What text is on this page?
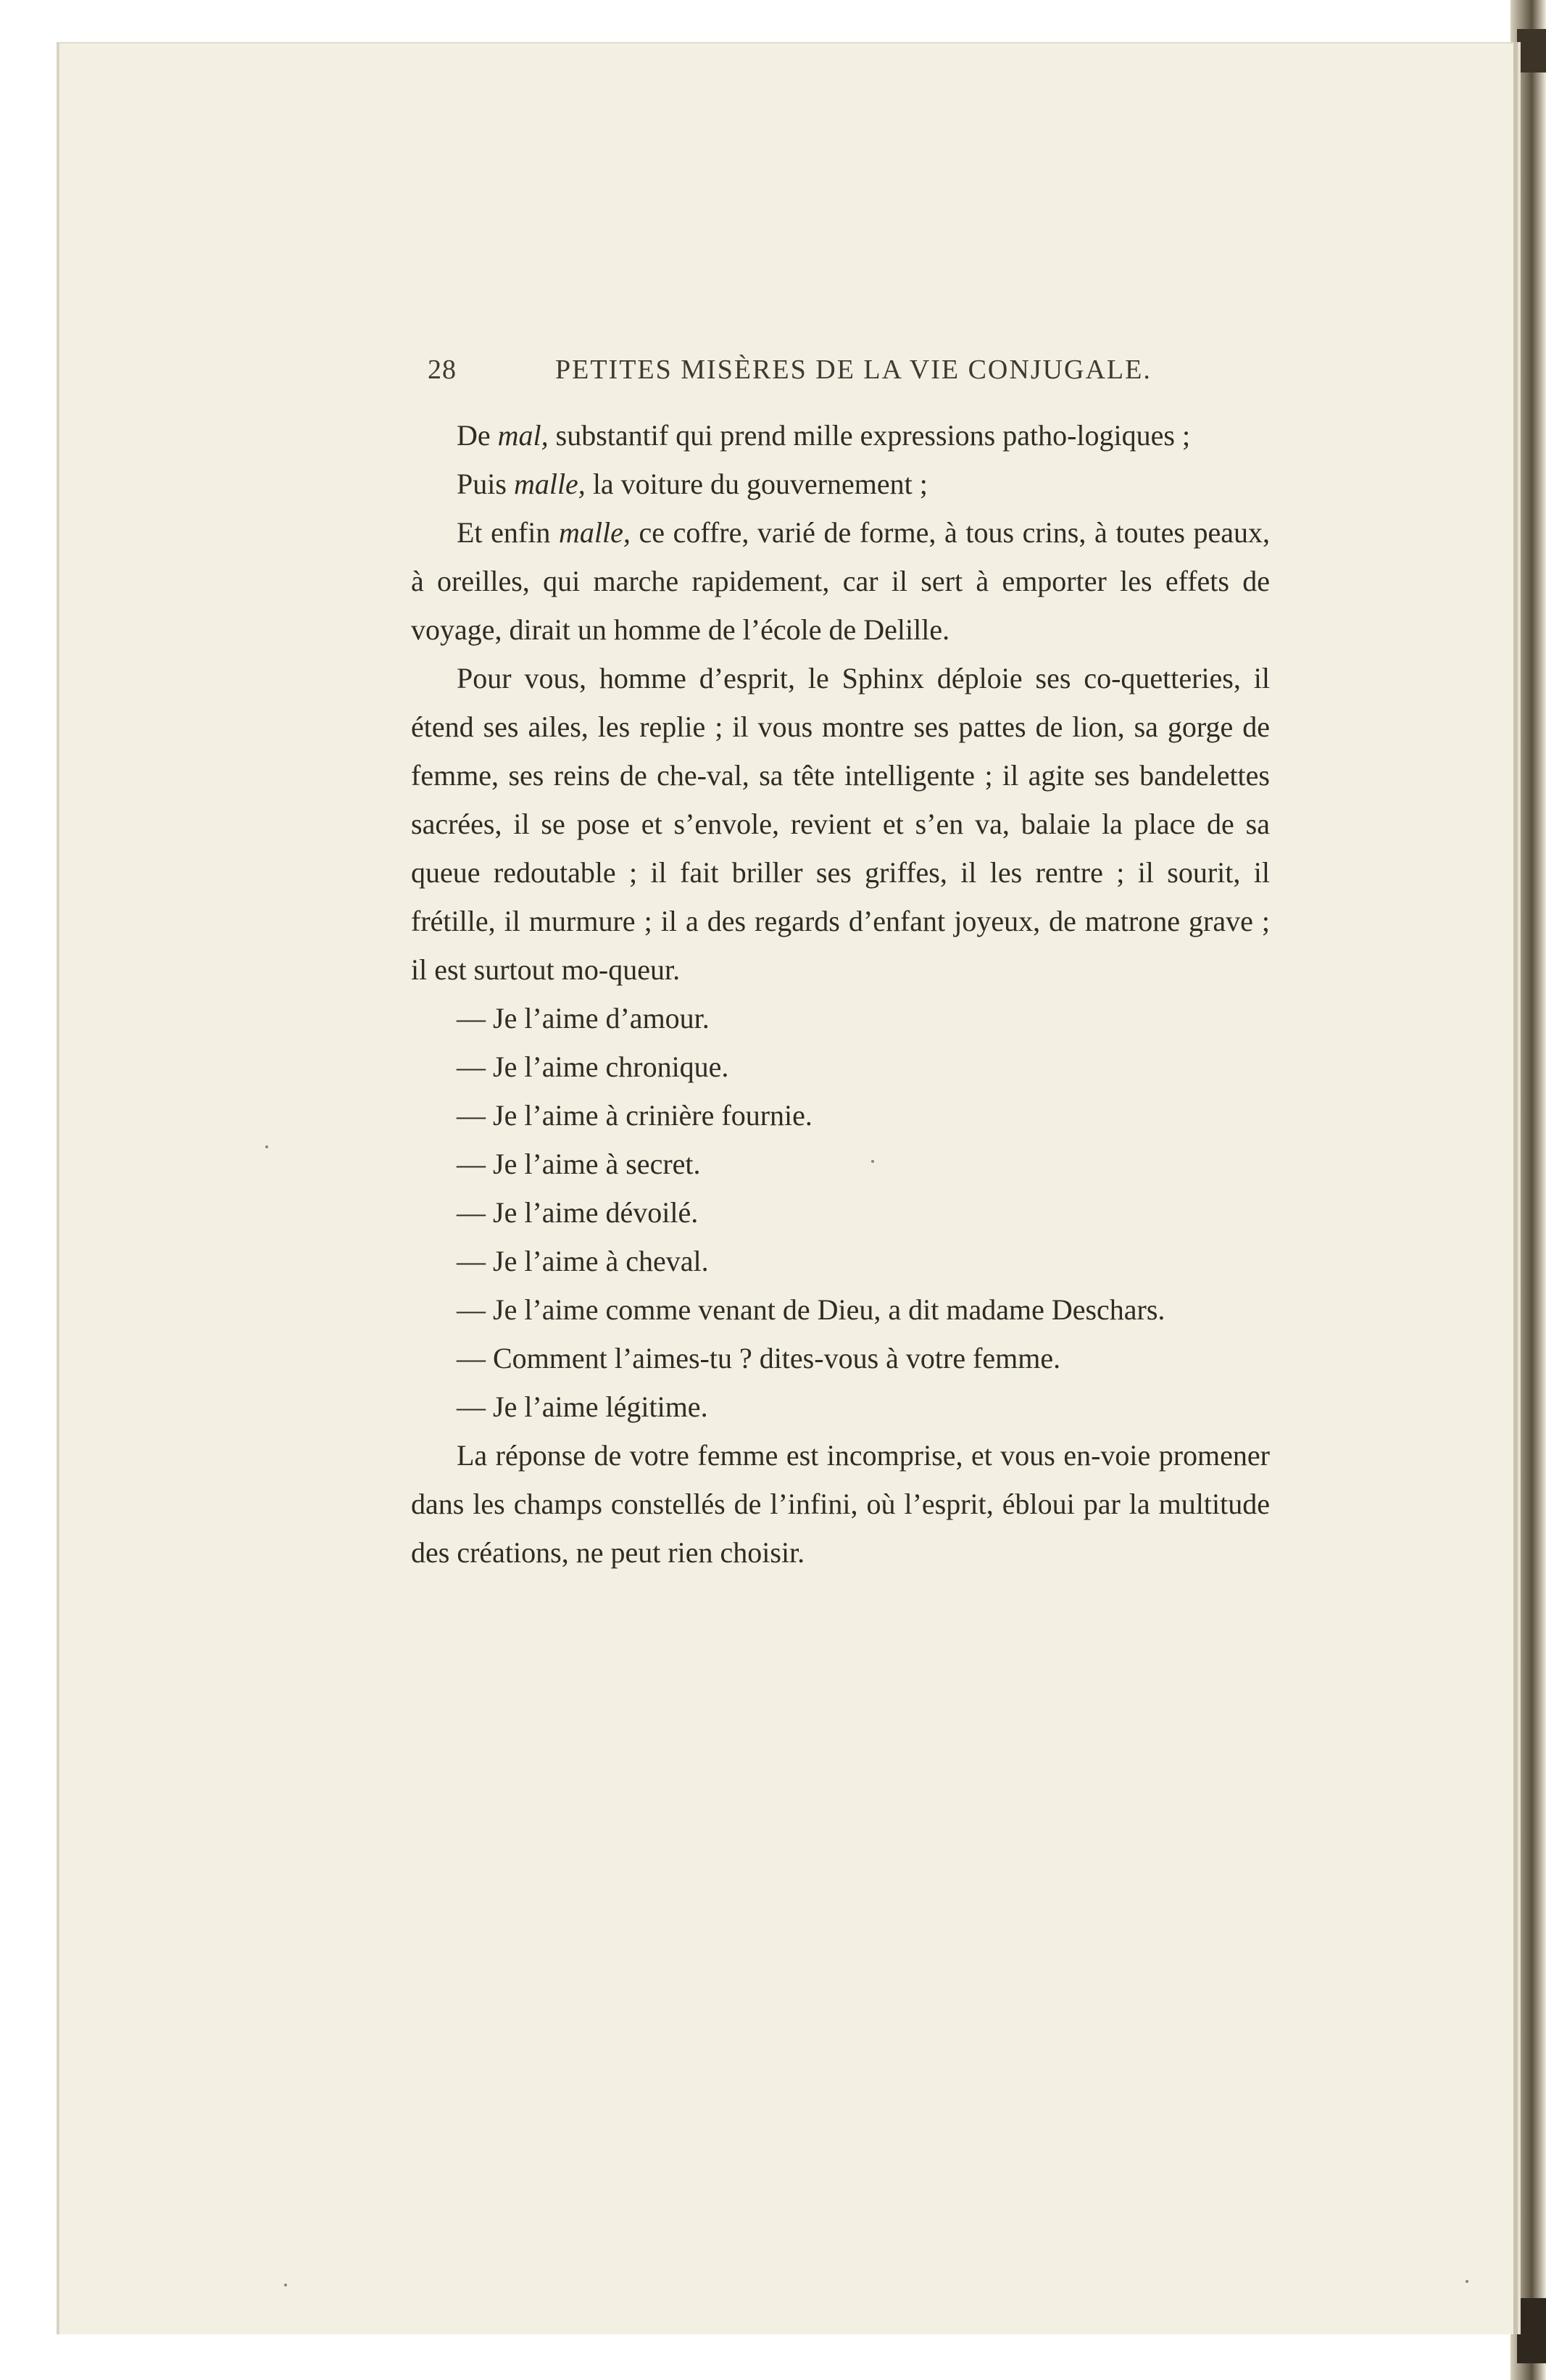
28	PETITES MISÈRES DE LA VIE CONJUGALE.

De mal, substantif qui prend mille expressions patho-logiques ;

Puis malle, la voiture du gouvernement ;

Et enfin malle, ce coffre, varié de forme, à tous crins, à toutes peaux, à oreilles, qui marche rapidement, car il sert à emporter les effets de voyage, dirait un homme de l’école de Delille.

Pour vous, homme d’esprit, le Sphinx déploie ses co-quetteries, il étend ses ailes, les replie ; il vous montre ses pattes de lion, sa gorge de femme, ses reins de che-val, sa tête intelligente ; il agite ses bandelettes sacrées, il se pose et s’envole, revient et s’en va, balaie la place de sa queue redoutable ; il fait briller ses griffes, il les rentre ; il sourit, il frétille, il murmure ; il a des regards d’enfant joyeux, de matrone grave ; il est surtout mo-queur.

— Je l’aime d’amour.

— Je l’aime chronique.

— Je l’aime à crinière fournie.

— Je l’aime à secret.

— Je l’aime dévoilé.

— Je l’aime à cheval.

— Je l’aime comme venant de Dieu, a dit madame Deschars.

— Comment l’aimes-tu ? dites-vous à votre femme.

— Je l’aime légitime.

La réponse de votre femme est incomprise, et vous en-voie promener dans les champs constellés de l’infini, où l’esprit, ébloui par la multitude des créations, ne peut rien choisir.
